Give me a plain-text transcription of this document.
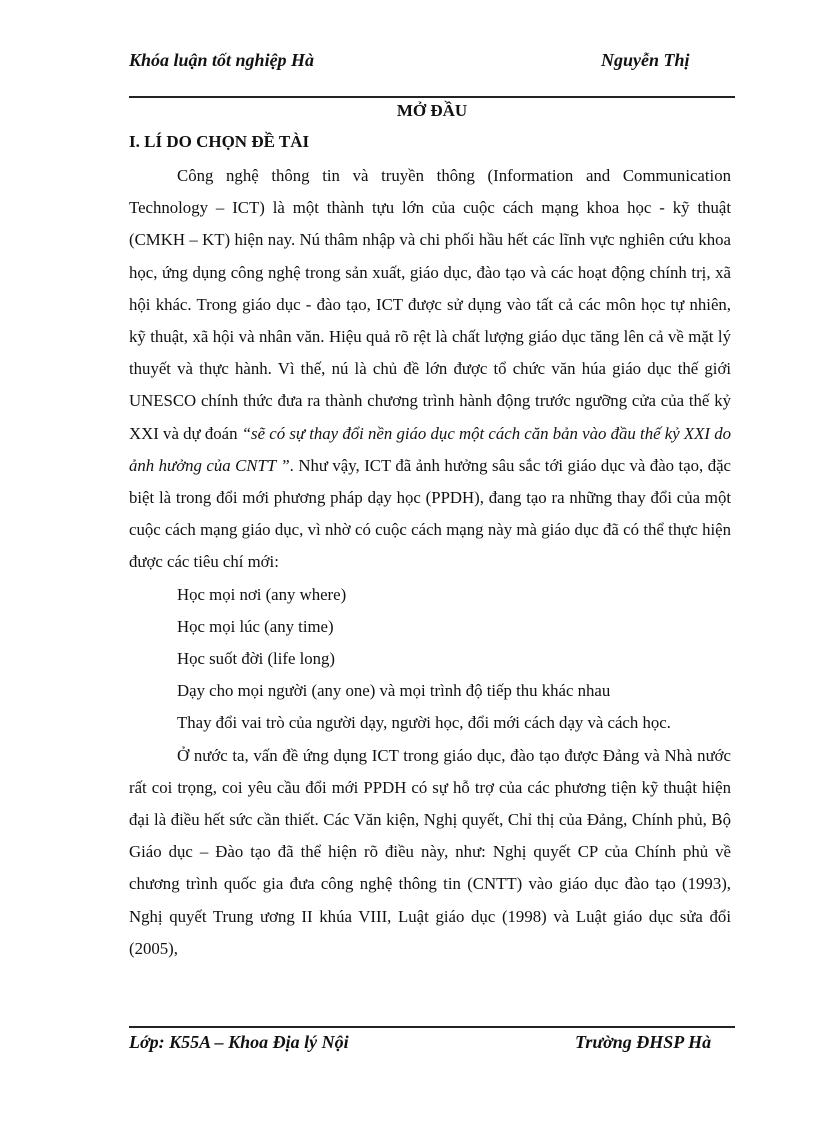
Khóa luận tốt nghiệp Hà	Nguyễn Thị
MỞ ĐẦU
I. LÍ DO CHỌN ĐỀ TÀI

Công nghệ thông tin và truyền thông (Information and Communication Technology – ICT) là một thành tựu lớn của cuộc cách mạng khoa học - kỹ thuật (CMKH – KT) hiện nay. Nú thâm nhập và chi phối hầu hết các lĩnh vực nghiên cứu khoa học, ứng dụng công nghệ trong sản xuất, giáo dục, đào tạo và các hoạt động chính trị, xã hội khác. Trong giáo dục - đào tạo, ICT được sử dụng vào tất cả các môn học tự nhiên, kỹ thuật, xã hội và nhân văn. Hiệu quả rõ rệt là chất lượng giáo dục tăng lên cả về mặt lý thuyết và thực hành. Vì thế, nú là chủ đề lớn được tổ chức văn húa giáo dục thế giới UNESCO chính thức đưa ra thành chương trình hành động trước ngưỡng cửa của thế kỷ XXI và dự đoán “sẽ có sự thay đổi nền giáo dục một cách căn bản vào đầu thế kỷ XXI do ảnh hưởng của CNTT ”. Như vậy, ICT đã ảnh hưởng sâu sắc tới giáo dục và đào tạo, đặc biệt là trong đổi mới phương pháp dạy học (PPDH), đang tạo ra những thay đổi của một cuộc cách mạng giáo dục, vì nhờ có cuộc cách mạng này mà giáo dục đã có thể thực hiện được các tiêu chí mới:

Học mọi nơi (any where)
Học mọi lúc (any time)
Học suốt đời (life long)
Dạy cho mọi người (any one) và mọi trình độ tiếp thu khác nhau
Thay đổi vai trò của người dạy, người học, đổi mới cách dạy và cách học.

Ở nước ta, vấn đề ứng dụng ICT trong giáo dục, đào tạo được Đảng và Nhà nước rất coi trọng, coi yêu cầu đổi mới PPDH có sự hỗ trợ của các phương tiện kỹ thuật hiện đại là điều hết sức cần thiết. Các Văn kiện, Nghị quyết, Chỉ thị của Đảng, Chính phủ, Bộ Giáo dục – Đào tạo đã thể hiện rõ điều này, như: Nghị quyết CP của Chính phủ về chương trình quốc gia đưa công nghệ thông tin (CNTT) vào giáo dục đào tạo (1993), Nghị quyết Trung ương II khúa VIII, Luật giáo dục (1998) và Luật giáo dục sửa đổi (2005),

Lớp: K55A – Khoa Địa lý Nội	Trường ĐHSP Hà
